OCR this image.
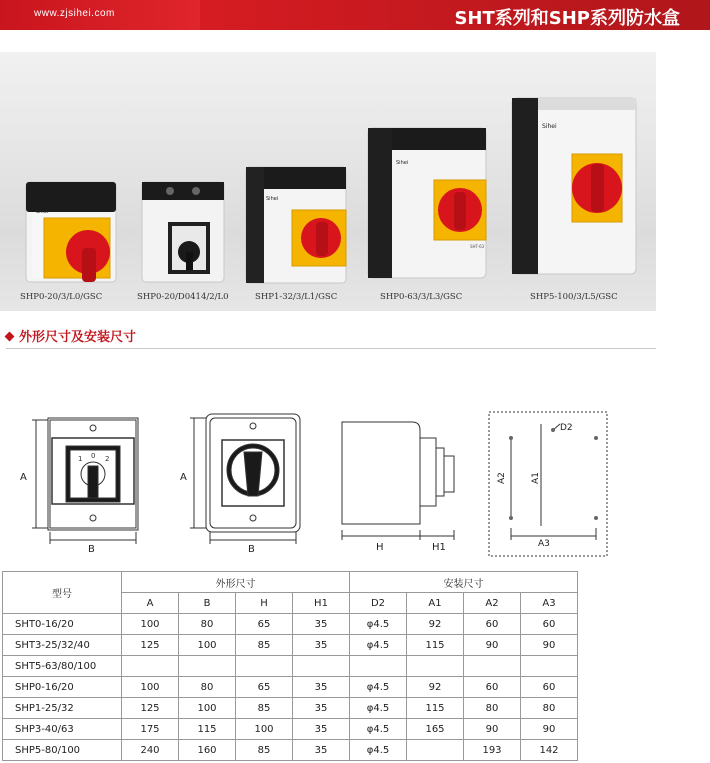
www.zjsihei.com	SHT系列和SHP系列防水盒
Sihei
Sihei
Sihei
SHT-63
Sihei
SHP0-20/3/L0/GSC	SHP0-20/D0414/2/L0	SHP1-32/3/L1/GSC	SHP0-63/3/L3/GSC	SHP5-100/3/L5/GSC
外形尺寸及安装尺寸
1 0 2
A
B
A
B	H	H1
D2
A2	A1
A3
型号	外形尺寸				安装尺寸			
	A	B	H	H1	D2	A1	A2	A3
SHT0-16/20	100	80	65	35	φ4.5	92	60	60
SHT3-25/32/40	125	100	85	35	φ4.5	115	90	90
SHT5-63/80/100								
SHP0-16/20	100	80	65	35	φ4.5	92	60	60
SHP1-25/32	125	100	85	35	φ4.5	115	80	80
SHP3-40/63	175	115	100	35	φ4.5	165	90	90
SHP5-80/100	240	160	85	35	φ4.5		193	142
